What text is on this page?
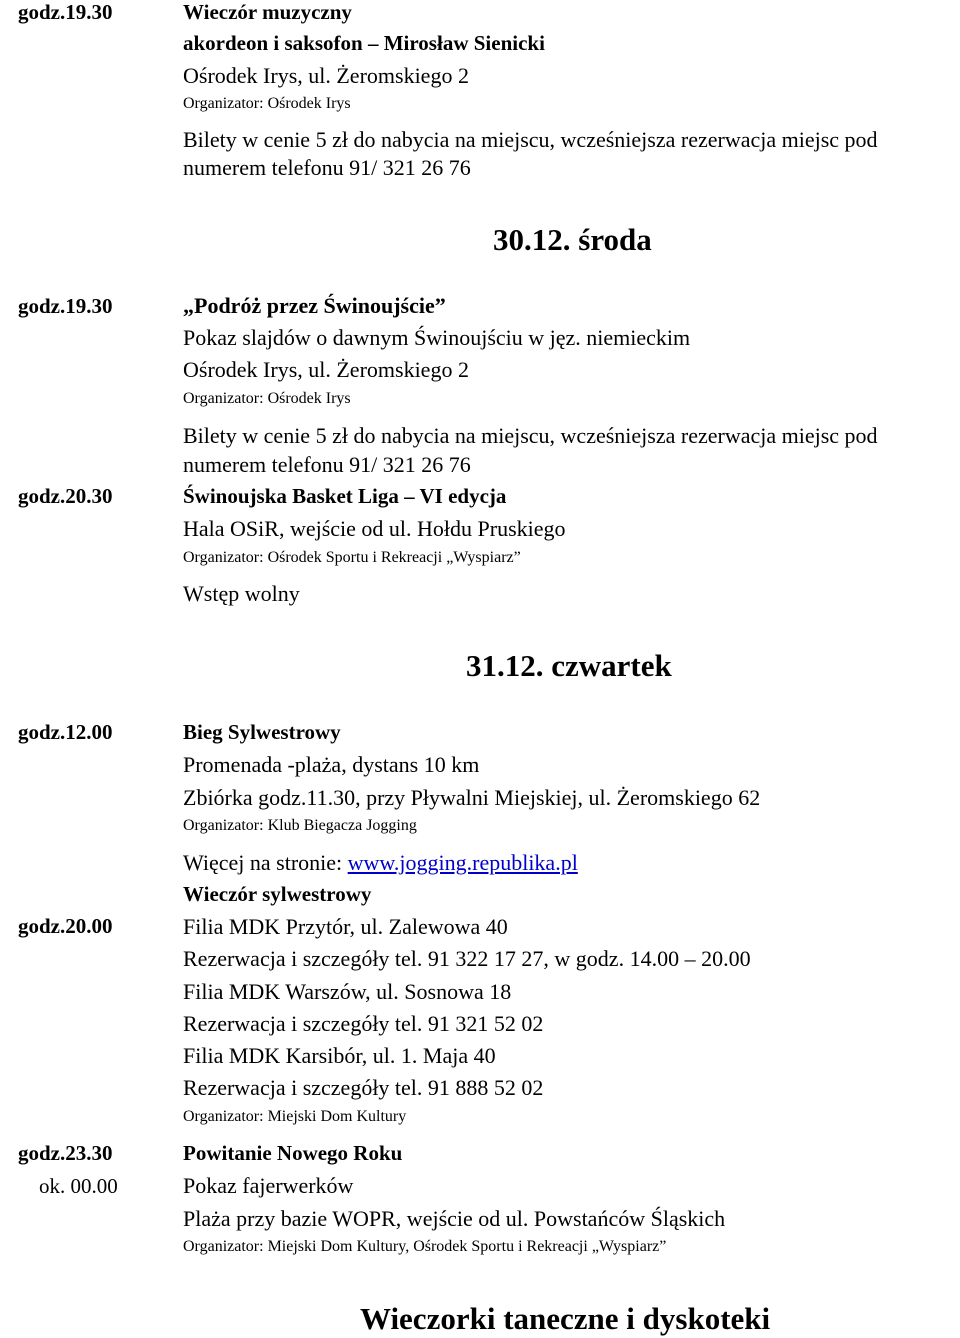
godz.19.30	Wieczór muzyczny
akordeon i saksofon – Mirosław Sienicki
Ośrodek Irys, ul. Żeromskiego 2
Organizator: Ośrodek Irys
Bilety w cenie 5 zł do nabycia na miejscu, wcześniejsza rezerwacja miejsc pod
numerem telefonu 91/ 321 26 76
30.12. środa
godz.19.30	„Podróż przez Świnoujście”
Pokaz slajdów o dawnym Świnoujściu w jęz. niemieckim
Ośrodek Irys, ul. Żeromskiego 2
Organizator: Ośrodek Irys
Bilety w cenie 5 zł do nabycia na miejscu, wcześniejsza rezerwacja miejsc pod
numerem telefonu 91/ 321 26 76
godz.20.30	Świnoujska Basket Liga – VI edycja
Hala OSiR, wejście od ul. Hołdu Pruskiego
Organizator: Ośrodek Sportu i Rekreacji „Wyspiarz”
Wstęp wolny
31.12. czwartek
godz.12.00	Bieg Sylwestrowy
Promenada -plaża, dystans 10 km
Zbiórka godz.11.30, przy Pływalni Miejskiej, ul. Żeromskiego 62
Organizator: Klub Biegacza Jogging
Więcej na stronie: www.jogging.republika.pl
Wieczór sylwestrowy
godz.20.00	Filia MDK Przytór, ul. Zalewowa 40
Rezerwacja i szczegóły tel. 91 322 17 27, w godz. 14.00 – 20.00
Filia MDK Warszów, ul. Sosnowa 18
Rezerwacja i szczegóły tel. 91 321 52 02
Filia MDK Karsibór, ul. 1. Maja 40
Rezerwacja i szczegóły tel. 91 888 52 02
Organizator: Miejski Dom Kultury
godz.23.30	Powitanie Nowego Roku
ok. 00.00	Pokaz fajerwerków
Plaża przy bazie WOPR, wejście od ul. Powstańców Śląskich
Organizator: Miejski Dom Kultury, Ośrodek Sportu i Rekreacji „Wyspiarz”
Wieczorki taneczne i dyskoteki
